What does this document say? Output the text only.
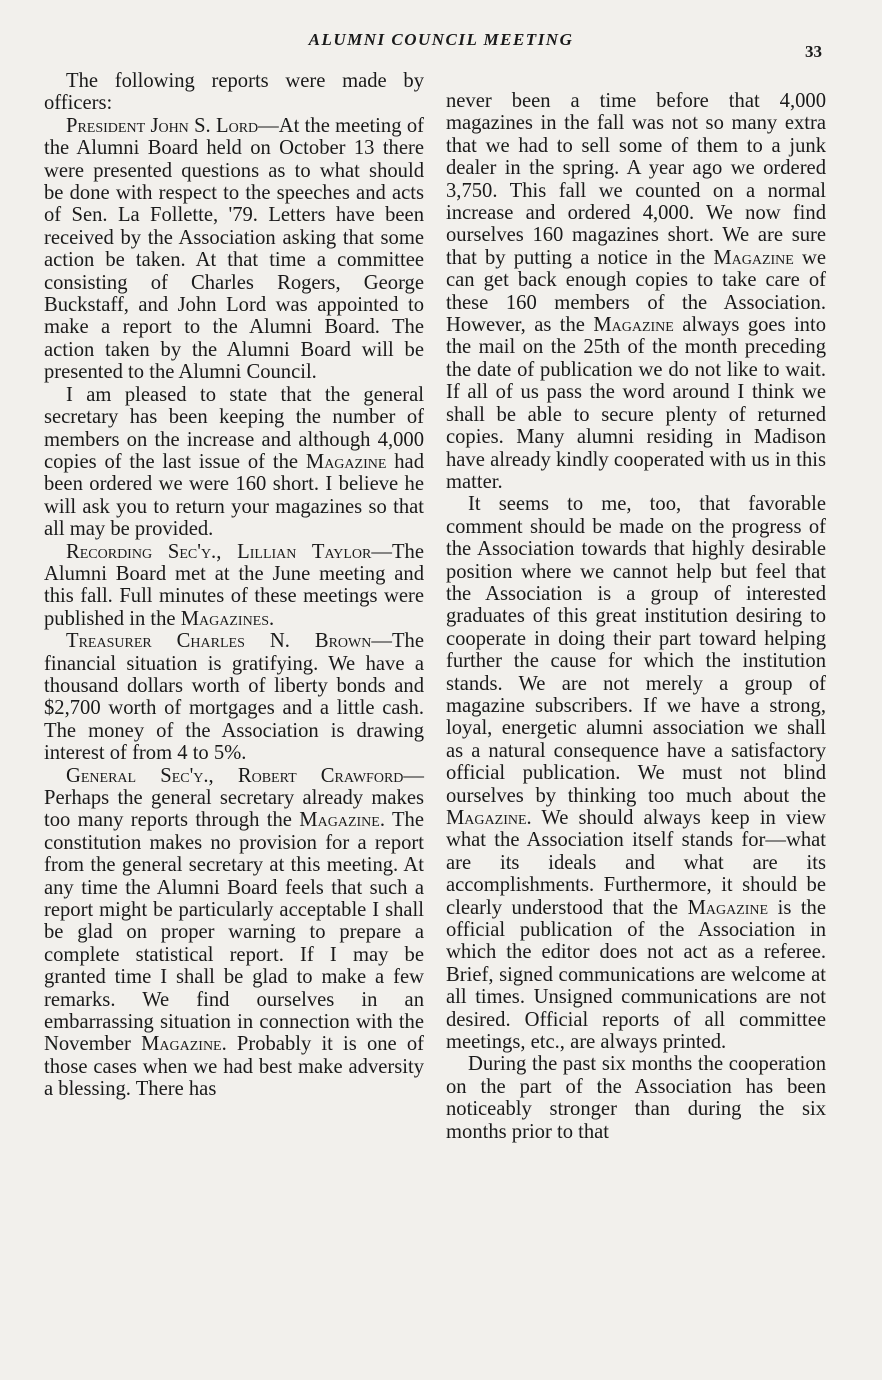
ALUMNI COUNCIL MEETING
33

The following reports were made by officers:

President John S. Lord—At the meeting of the Alumni Board held on October 13 there were presented questions as to what should be done with respect to the speeches and acts of Sen. La Follette, '79. Letters have been received by the Association asking that some action be taken. At that time a committee consisting of Charles Rogers, George Buckstaff, and John Lord was appointed to make a report to the Alumni Board. The action taken by the Alumni Board will be presented to the Alumni Council.

I am pleased to state that the general secretary has been keeping the number of members on the increase and although 4,000 copies of the last issue of the Magazine had been ordered we were 160 short. I believe he will ask you to return your magazines so that all may be provided.

Recording Sec'y., Lillian Taylor—The Alumni Board met at the June meeting and this fall. Full minutes of these meetings were published in the Magazines.

Treasurer Charles N. Brown—The financial situation is gratifying. We have a thousand dollars worth of liberty bonds and $2,700 worth of mortgages and a little cash. The money of the Association is drawing interest of from 4 to 5%.

General Sec'y., Robert Crawford—Perhaps the general secretary already makes too many reports through the Magazine. The constitution makes no provision for a report from the general secretary at this meeting. At any time the Alumni Board feels that such a report might be particularly acceptable I shall be glad on proper warning to prepare a complete statistical report. If I may be granted time I shall be glad to make a few remarks. We find ourselves in an embarrassing situation in connection with the November Magazine. Probably it is one of those cases when we had best make adversity a blessing. There has

never been a time before that 4,000 magazines in the fall was not so many extra that we had to sell some of them to a junk dealer in the spring. A year ago we ordered 3,750. This fall we counted on a normal increase and ordered 4,000. We now find ourselves 160 magazines short. We are sure that by putting a notice in the Magazine we can get back enough copies to take care of these 160 members of the Association. However, as the Magazine always goes into the mail on the 25th of the month preceding the date of publication we do not like to wait. If all of us pass the word around I think we shall be able to secure plenty of returned copies. Many alumni residing in Madison have already kindly cooperated with us in this matter.

It seems to me, too, that favorable comment should be made on the progress of the Association towards that highly desirable position where we cannot help but feel that the Association is a group of interested graduates of this great institution desiring to cooperate in doing their part toward helping further the cause for which the institution stands. We are not merely a group of magazine subscribers. If we have a strong, loyal, energetic alumni association we shall as a natural consequence have a satisfactory official publication. We must not blind ourselves by thinking too much about the Magazine. We should always keep in view what the Association itself stands for—what are its ideals and what are its accomplishments. Furthermore, it should be clearly understood that the Magazine is the official publication of the Association in which the editor does not act as a referee. Brief, signed communications are welcome at all times. Unsigned communications are not desired. Official reports of all committee meetings, etc., are always printed.

During the past six months the cooperation on the part of the Association has been noticeably stronger than during the six months prior to that
